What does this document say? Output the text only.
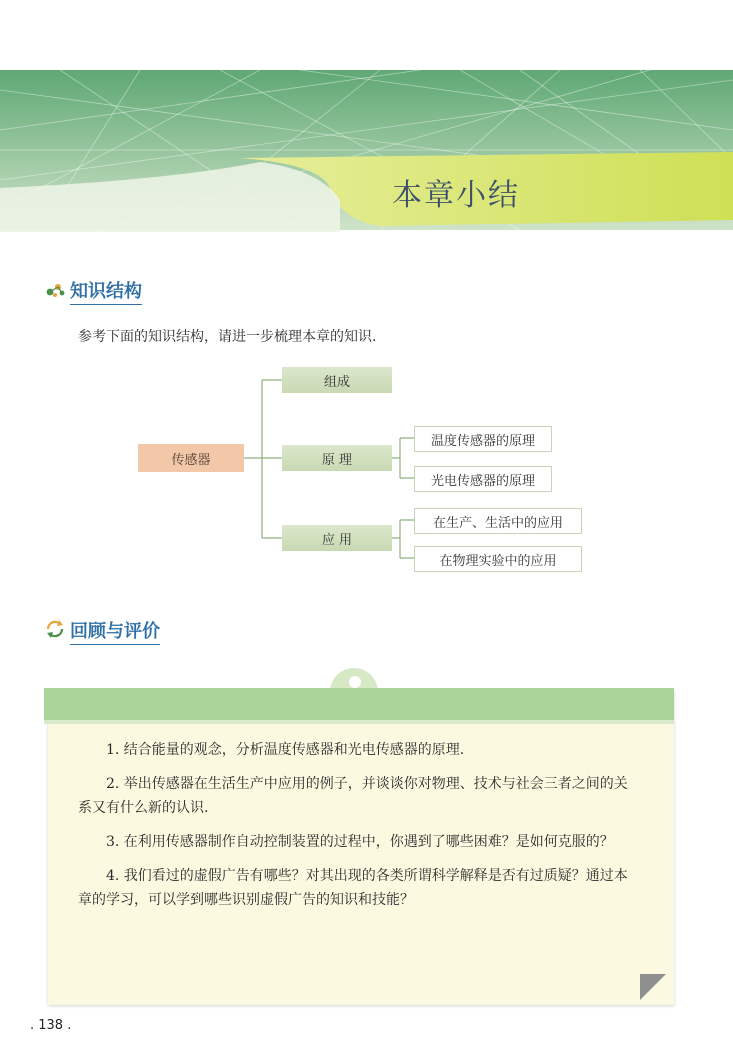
本章小结
知识结构
参考下面的知识结构，请进一步梳理本章的知识.
传感器
组成
原 理
应 用
温度传感器的原理
光电传感器的原理
在生产、生活中的应用
在物理实验中的应用
回顾与评价
1. 结合能量的观念，分析温度传感器和光电传感器的原理.
2. 举出传感器在生活生产中应用的例子，并谈谈你对物理、技术与社会三者之间的关系又有什么新的认识.
3. 在利用传感器制作自动控制装置的过程中，你遇到了哪些困难？是如何克服的？
4. 我们看过的虚假广告有哪些？对其出现的各类所谓科学解释是否有过质疑？通过本章的学习，可以学到哪些识别虚假广告的知识和技能？
. 138 .
